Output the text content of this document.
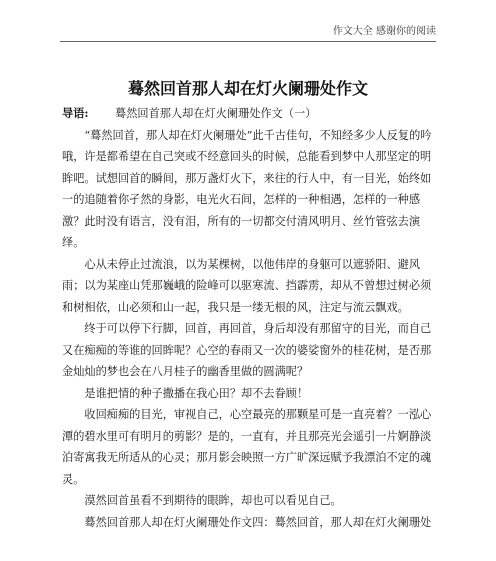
作文大全 感谢你的阅读
蓦然回首那人却在灯火阑珊处作文

导语:	蓦然回首那人却在灯火阑珊处作文（一）

“蓦然回首，那人却在灯火阑珊处”此千古佳句，不知经多少人反复的吟哦，许是都希望在自己突或不经意回头的时候，总能看到梦中人那坚定的明眸吧。试想回首的瞬间，那万盏灯火下，来往的行人中，有一目光，始终如一的追随着你孑然的身影，电光火石间，怎样的一种相遇，怎样的一种感激？此时没有语言，没有泪，所有的一切都交付清风明月、丝竹管弦去演绎。

心从未停止过流浪，以为某棵树，以他伟岸的身躯可以遮骄阳、避风雨；以为某座山凭那巍峨的险峰可以驱寒流、挡霹雳，却从不曾想过树必须和树相依，山必须和山一起，我只是一缕无根的风，注定与流云飘戏。

终于可以停下行脚，回首，再回首，身后却没有那留守的目光，而自己又在痴痴的等谁的回眸呢？心空的春雨又一次的婆娑窗外的桂花树，是否那金灿灿的梦也会在八月桂子的幽香里做的圆满呢？

是谁把情的种子撒播在我心田？却不去眷顾！

收回痴痴的目光，审视自己，心空最亮的那颗星可是一直亮着？一泓心潭的碧水里可有明月的剪影？是的，一直有，并且那亮光会遥引一片婀静淡泊寄寓我无所适从的心灵；那月影会映照一方广旷深远赋予我漂泊不定的魂灵。

漠然回首虽看不到期待的眼眸，却也可以看见自己。

蓦然回首那人却在灯火阑珊处作文四：蓦然回首，那人却在灯火阑珊处
